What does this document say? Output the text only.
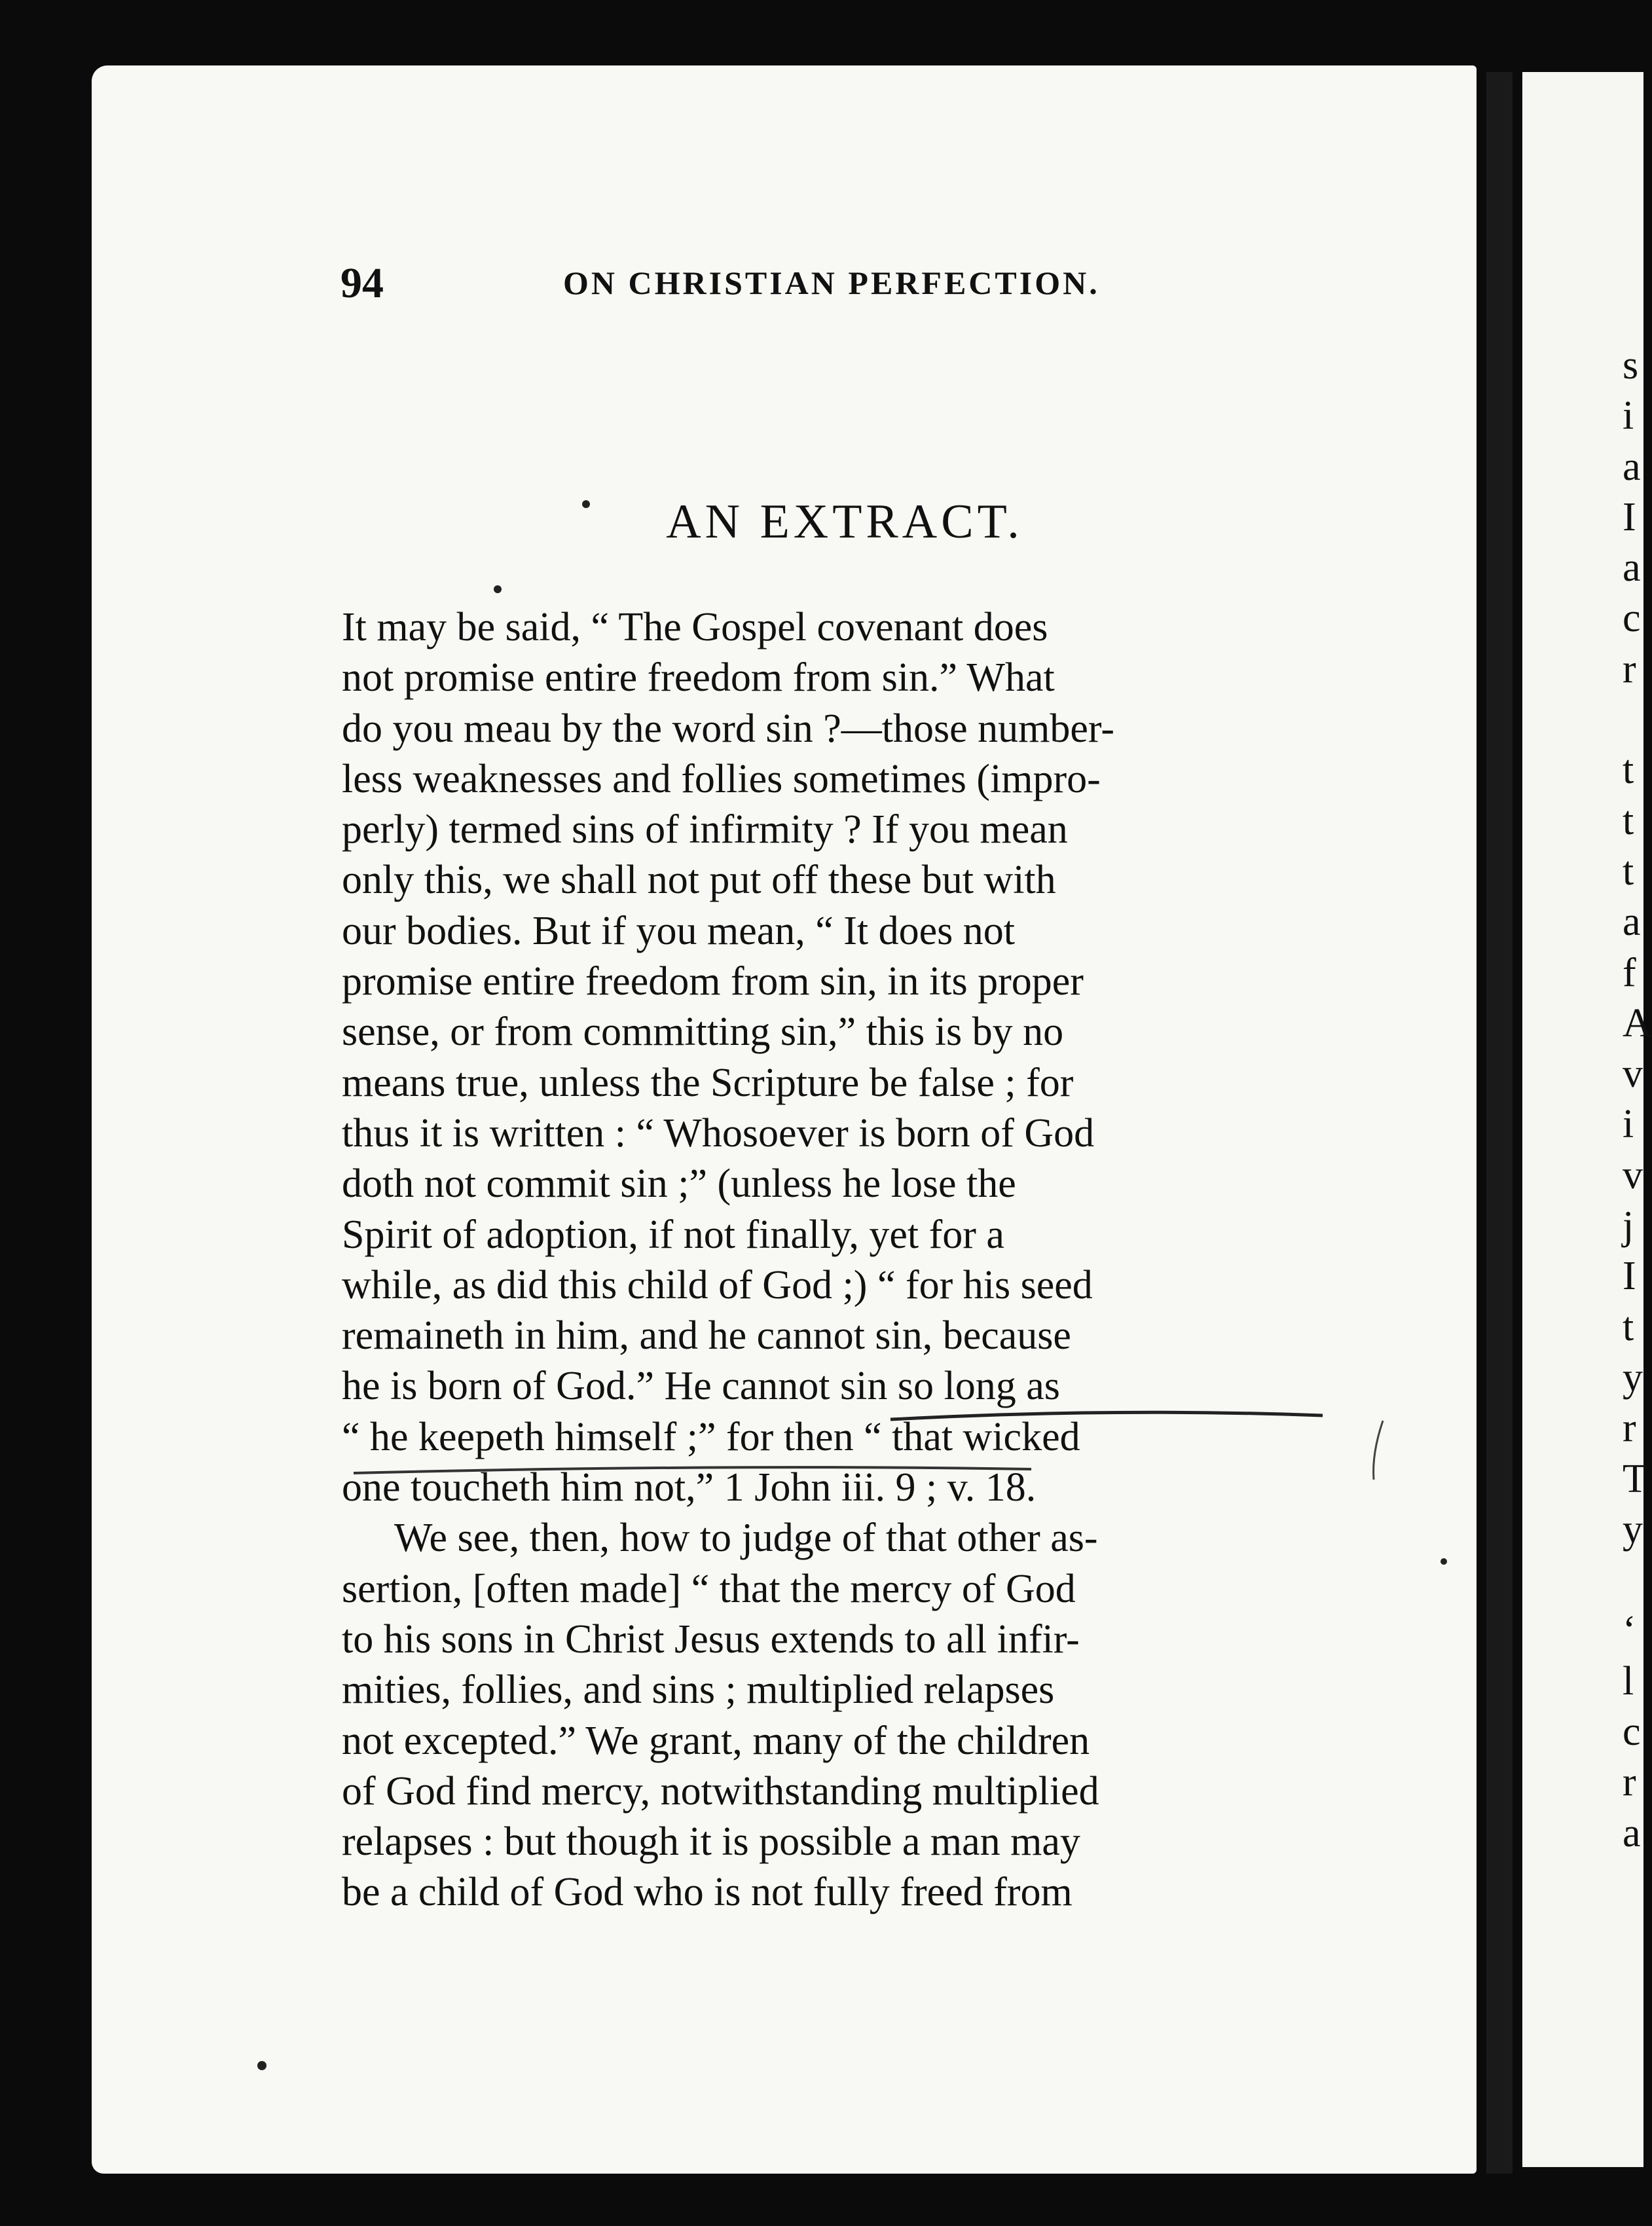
94	ON CHRISTIAN PERFECTION.
AN EXTRACT.
It may be said, “ The Gospel covenant does
not promise entire freedom from sin.” What
do you meau by the word sin ?—those number-
less weaknesses and follies sometimes (impro-
perly) termed sins of infirmity ? If you mean
only this, we shall not put off these but with
our bodies. But if you mean, “ It does not
promise entire freedom from sin, in its proper
sense, or from committing sin,” this is by no
means true, unless the Scripture be false ; for
thus it is written : “ Whosoever is born of God
doth not commit sin ;” (unless he lose the
Spirit of adoption, if not finally, yet for a
while, as did this child of God ;) “ for his seed
remaineth in him, and he cannot sin, because
he is born of God.” He cannot sin so long as
“ he keepeth himself ;” for then “ that wicked
one toucheth him not,” 1 John iii. 9 ; v. 18.
We see, then, how to judge of that other as-
sertion, [often made] “ that the mercy of God
to his sons in Christ Jesus extends to all infir-
mities, follies, and sins ; multiplied relapses
not excepted.” We grant, many of the children
of God find mercy, notwithstanding multiplied
relapses : but though it is possible a man may
be a child of God who is not fully freed from
s
i
a
I
a
c
r
t
t
t
a
f
A
v
i
v
j
I
t
y
r
T
y
‘
l
c
r
a
